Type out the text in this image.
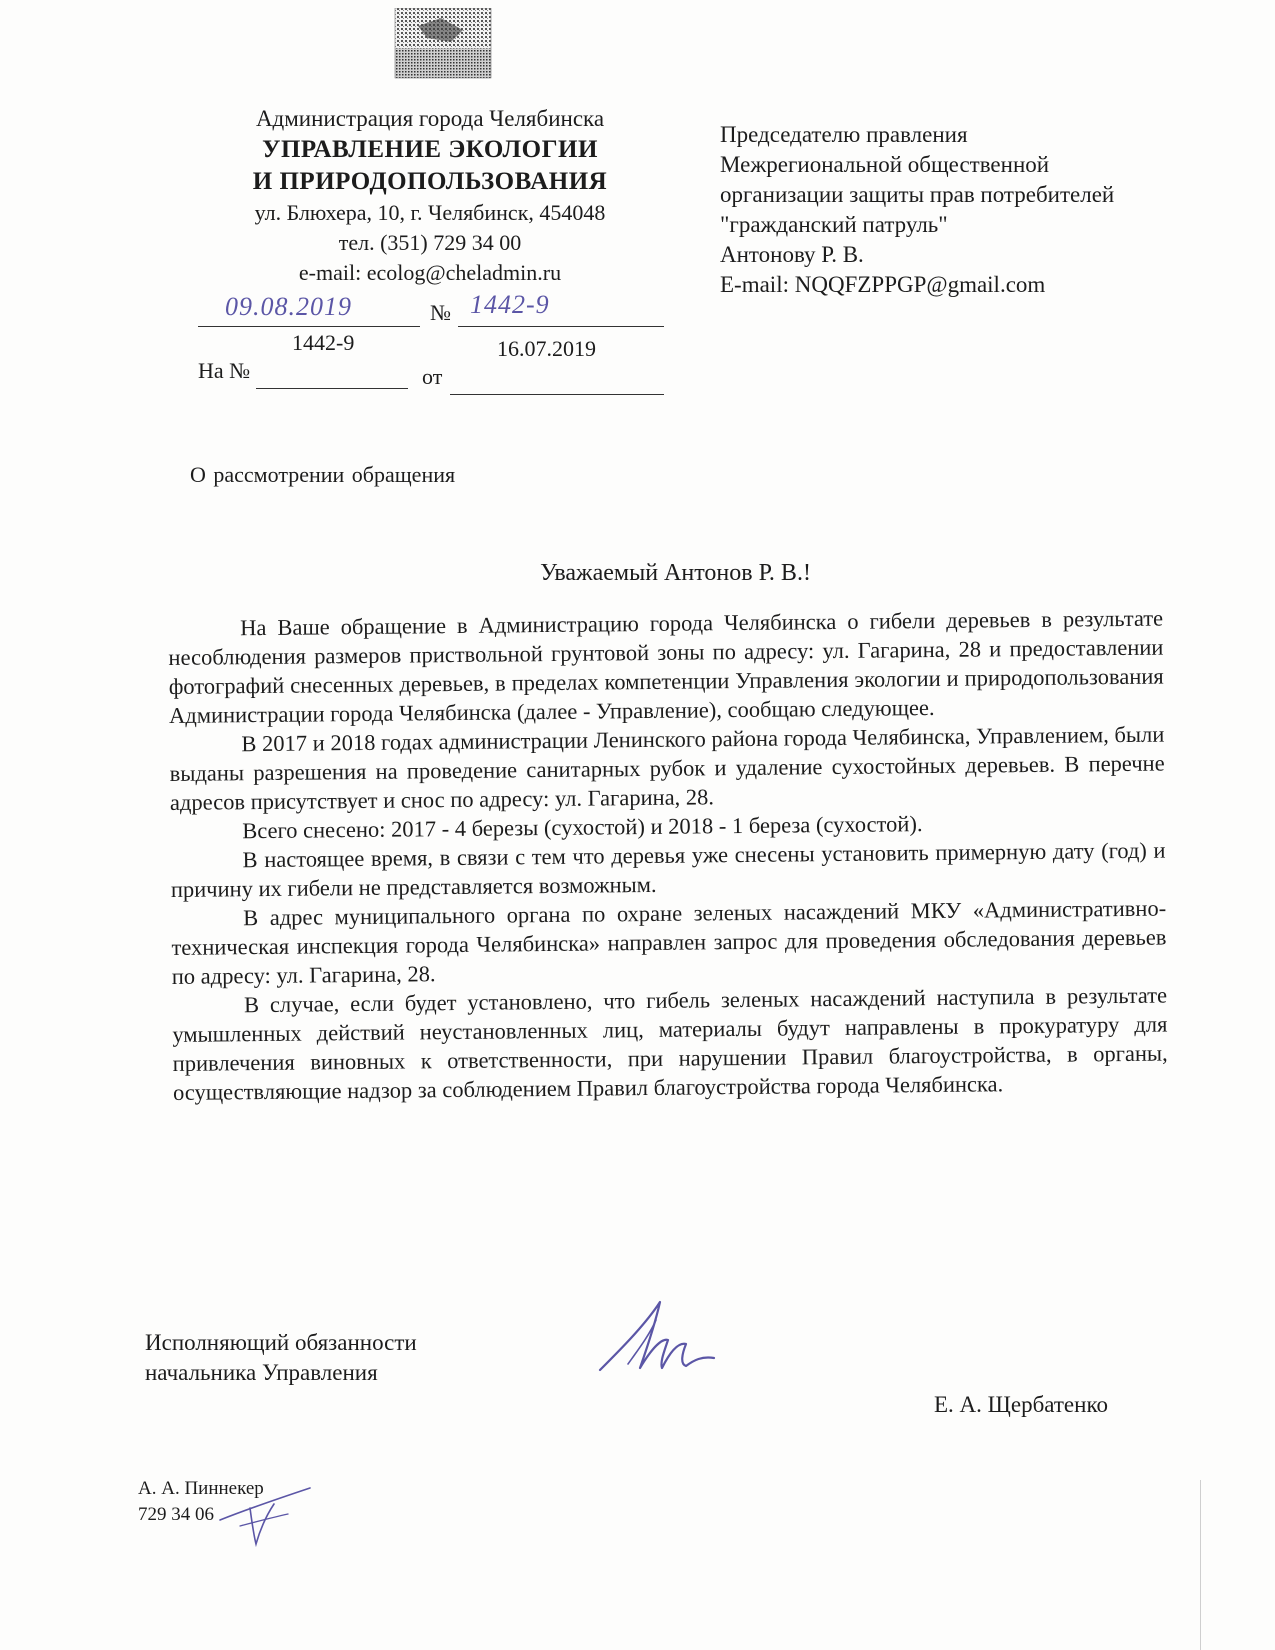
Администрация города Челябинска
УПРАВЛЕНИЕ ЭКОЛОГИИ
И ПРИРОДОПОЛЬЗОВАНИЯ
ул. Блюхера, 10, г. Челябинск, 454048
тел. (351) 729 34 00
e-mail: ecolog@cheladmin.ru
09.08.2019	№ 1442-9
1442-9	16.07.2019
На №	от
Председателю правления
Межрегиональной общественной
организации защиты прав потребителей
"гражданский патруль"
Антонову Р. В.
E-mail: NQQFZPPGP@gmail.com
О рассмотрении обращения
Уважаемый Антонов Р. В.!

На Ваше обращение в Администрацию города Челябинска о гибели деревьев в результате несоблюдения размеров приствольной грунтовой зоны по адресу: ул. Гагарина, 28 и предоставлении фотографий снесенных деревьев, в пределах компетенции Управления экологии и природопользования Администрации города Челябинска (далее - Управление), сообщаю следующее.

В 2017 и 2018 годах администрации Ленинского района города Челябинска, Управлением, были выданы разрешения на проведение санитарных рубок и удаление сухостойных деревьев. В перечне адресов присутствует и снос по адресу: ул. Гагарина, 28.

Всего снесено: 2017 - 4 березы (сухостой) и 2018 - 1 береза (сухостой).

В настоящее время, в связи с тем что деревья уже снесены установить примерную дату (год) и причину их гибели не представляется возможным.

В адрес муниципального органа по охране зеленых насаждений МКУ «Административно-техническая инспекция города Челябинска» направлен запрос для проведения обследования деревьев по адресу: ул. Гагарина, 28.

В случае, если будет установлено, что гибель зеленых насаждений наступила в результате умышленных действий неустановленных лиц, материалы будут направлены в прокуратуру для привлечения виновных к ответственности, при нарушении Правил благоустройства, в органы, осуществляющие надзор за соблюдением Правил благоустройства города Челябинска.

Исполняющий обязанности
начальника Управления
Е. А. Щербатенко
А. А. Пиннекер
729 34 06
